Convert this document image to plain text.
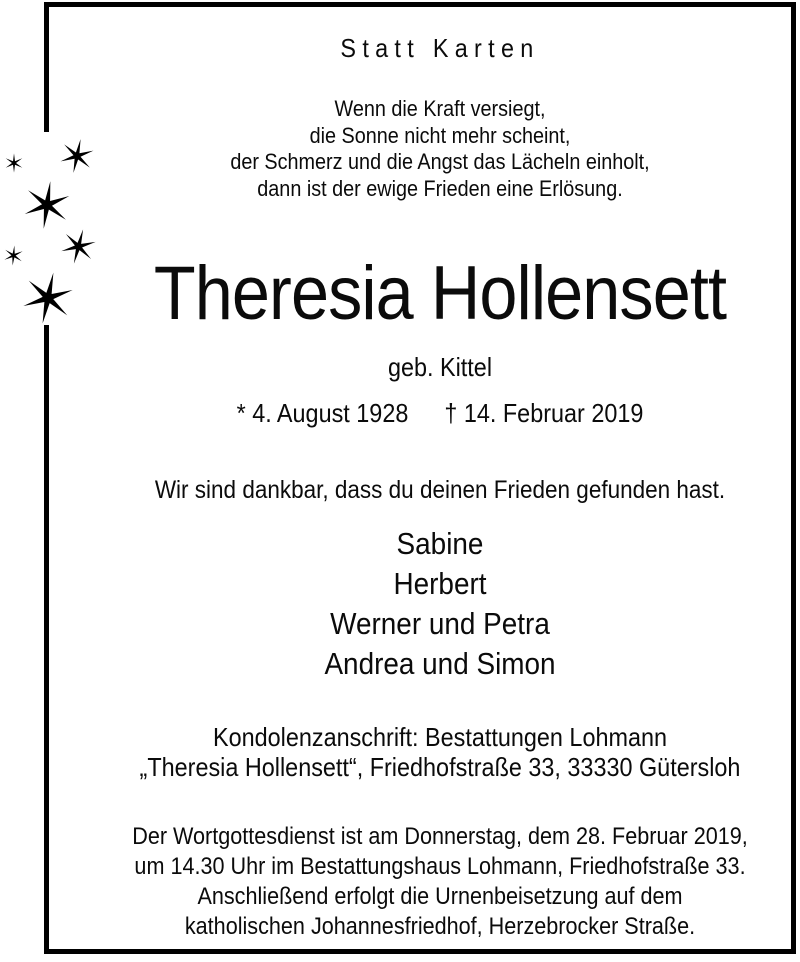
Statt Karten
Wenn die Kraft versiegt,
die Sonne nicht mehr scheint,
der Schmerz und die Angst das Lächeln einholt,
dann ist der ewige Frieden eine Erlösung.
Theresia Hollensett
geb. Kittel
* 4. August 1928 † 14. Februar 2019
Wir sind dankbar, dass du deinen Frieden gefunden hast.
Sabine
Herbert
Werner und Petra
Andrea und Simon
Kondolenzanschrift: Bestattungen Lohmann
„Theresia Hollensett“, Friedhofstraße 33, 33330 Gütersloh
Der Wortgottesdienst ist am Donnerstag, dem 28. Februar 2019,
um 14.30 Uhr im Bestattungshaus Lohmann, Friedhofstraße 33.
Anschließend erfolgt die Urnenbeisetzung auf dem
katholischen Johannesfriedhof, Herzebrocker Straße.
